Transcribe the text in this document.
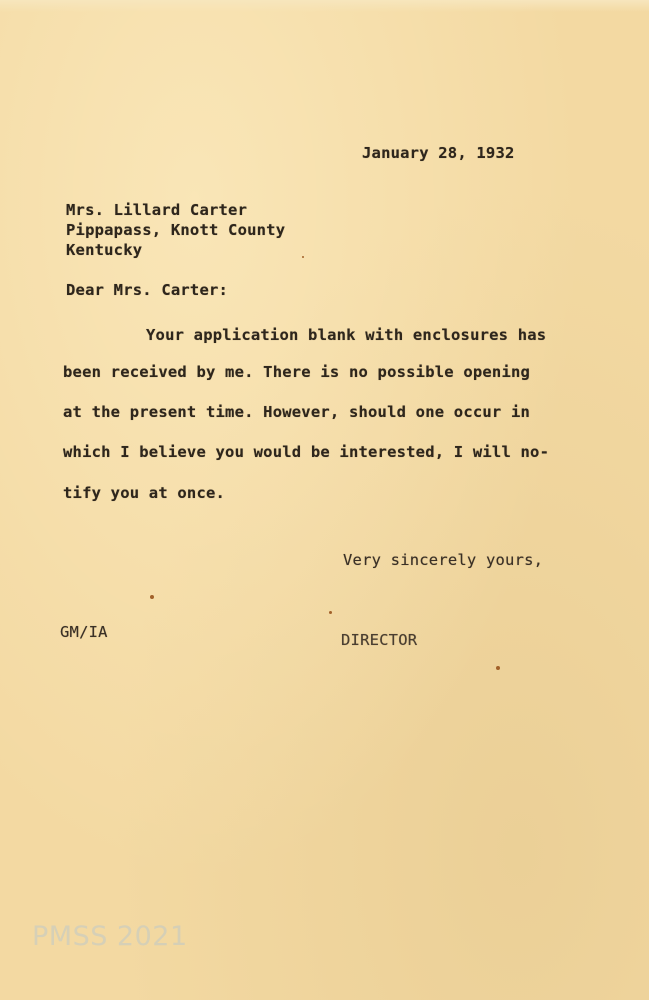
January 28, 1932
Mrs. Lillard Carter
Pippapass, Knott County
Kentucky
Dear Mrs. Carter:
Your application blank with enclosures has
been received by me. There is no possible opening
at the present time. However, should one occur in
which I believe you would be interested, I will no-
tify you at once.
Very sincerely yours,
GM/IA	DIRECTOR
PMSS 2021
